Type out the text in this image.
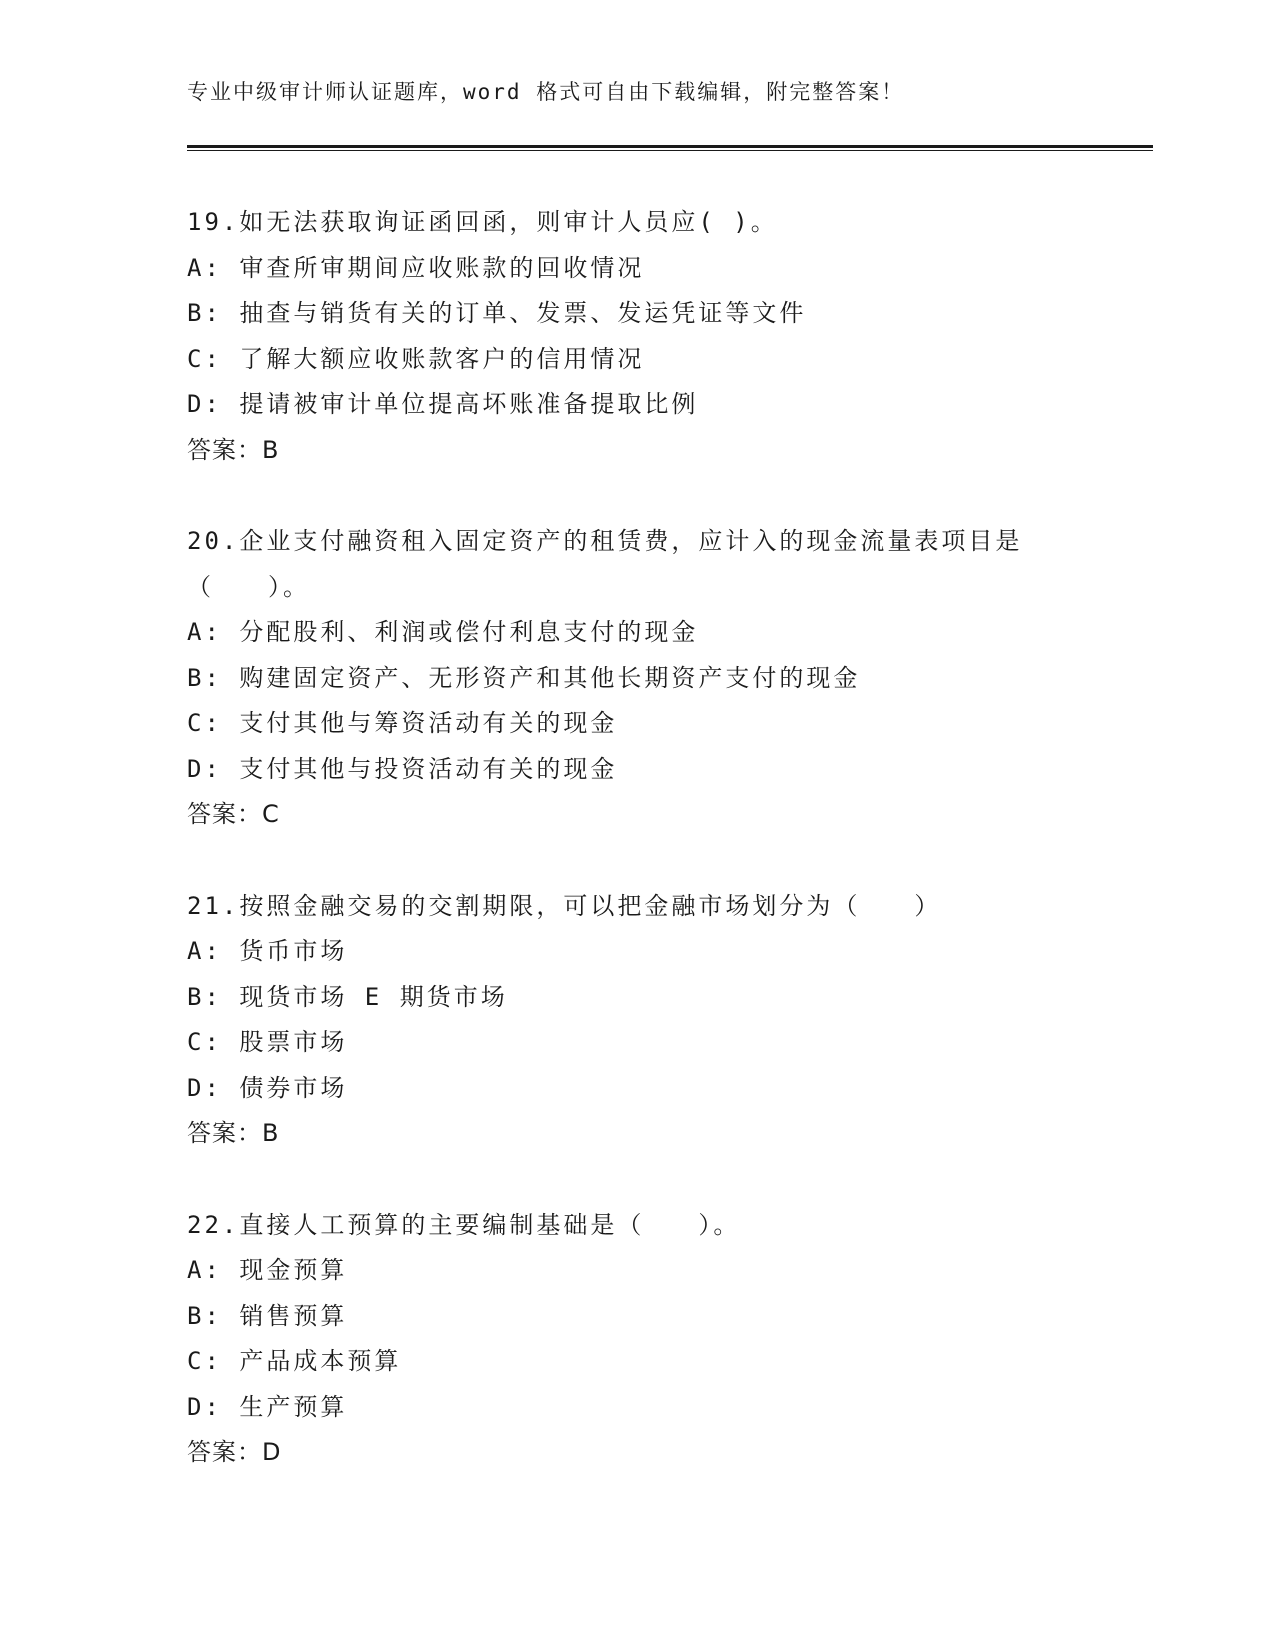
专业中级审计师认证题库，word 格式可自由下载编辑，附完整答案！
19.如无法获取询证函回函，则审计人员应( )。
A: 审查所审期间应收账款的回收情况
B: 抽查与销货有关的订单、发票、发运凭证等文件
C: 了解大额应收账款客户的信用情况
D: 提请被审计单位提高坏账准备提取比例
答案：B
20.企业支付融资租入固定资产的租赁费，应计入的现金流量表项目是
（　　）。
A: 分配股利、利润或偿付利息支付的现金
B: 购建固定资产、无形资产和其他长期资产支付的现金
C: 支付其他与筹资活动有关的现金
D: 支付其他与投资活动有关的现金
答案：C
21.按照金融交易的交割期限，可以把金融市场划分为（　　）
A: 货币市场
B: 现货市场 E 期货市场
C: 股票市场
D: 债券市场
答案：B
22.直接人工预算的主要编制基础是（　　）。
A: 现金预算
B: 销售预算
C: 产品成本预算
D: 生产预算
答案：D
